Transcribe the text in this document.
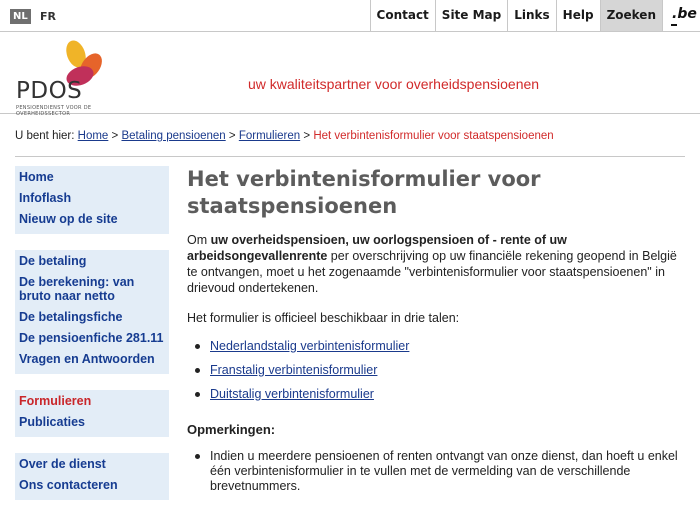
NL FR	Contact	Site Map	Links	Help	Zoeken	.be
PDOS
PENSIOENDIENST VOOR DE OVERHEIDSSECTOR
uw kwaliteitspartner voor overheidspensioenen
U bent hier: Home > Betaling pensioenen > Formulieren > Het verbintenisformulier voor staatspensioenen
Home
Infoflash
Nieuw op de site
De betaling
De berekening: van bruto naar netto
De betalingsfiche
De pensioenfiche 281.11
Vragen en Antwoorden
Formulieren
Publicaties
Over de dienst
Ons contacteren
Het verbintenisformulier voor staatspensioenen

Om uw overheidspensioen, uw oorlogspensioen of - rente of uw arbeidsongevallenrente per overschrijving op uw financiële rekening geopend in België te ontvangen, moet u het zogenaamde "verbintenisformulier voor staatspensioenen" in drievoud ondertekenen.

Het formulier is officieel beschikbaar in drie talen:

Nederlandstalig verbintenisformulier
Franstalig verbintenisformulier
Duitstalig verbintenisformulier
Opmerkingen:
Indien u meerdere pensioenen of renten ontvangt van onze dienst, dan hoeft u enkel één verbintenisformulier in te vullen met de vermelding van de verschillende brevetnummers.
